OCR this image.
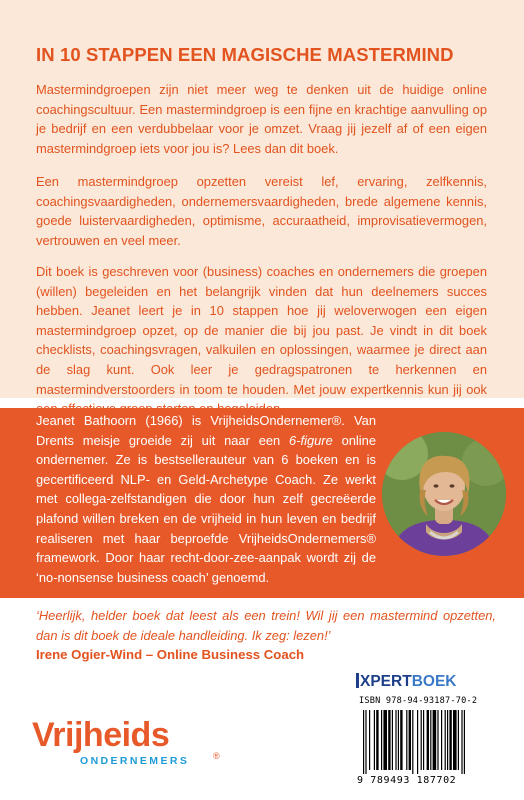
IN 10 STAPPEN EEN MAGISCHE MASTERMIND

Mastermindgroepen zijn niet meer weg te denken uit de huidige online coachingscultuur. Een mastermindgroep is een fijne en krachtige aanvulling op je bedrijf en een verdubbelaar voor je omzet. Vraag jij jezelf af of een eigen mastermindgroep iets voor jou is? Lees dan dit boek.

Een mastermindgroep opzetten vereist lef, ervaring, zelfkennis, coachingsvaardigheden, ondernemersvaardigheden, brede algemene kennis, goede luistervaardigheden, optimisme, accuraatheid, improvisatievermogen, vertrouwen en veel meer.

Dit boek is geschreven voor (business) coaches en ondernemers die groepen (willen) begeleiden en het belangrijk vinden dat hun deelnemers succes hebben. Jeanet leert je in 10 stappen hoe jij weloverwogen een eigen mastermindgroep opzet, op de manier die bij jou past. Je vindt in dit boek checklists, coachingsvragen, valkuilen en oplossingen, waarmee je direct aan de slag kunt. Ook leer je gedragspatronen te herkennen en mastermindverstoorders in toom te houden. Met jouw expertkennis kun jij ook

Jeanet Bathoorn (1966) is VrijheidsOndernemer®. Van Drents meisje groeide zij uit naar een 6-figure online ondernemer. Ze is bestsellerauteur van 6 boeken en is gecertificeerd NLP- en Geld-Archetype Coach. Ze werkt met collega-zelfstandigen die door hun zelf gecreëerde plafond willen breken en de vrijheid in hun leven en bedrijf realiseren met haar beproefde VrijheidsOndernemers® framework. Door haar recht-door-zee-aanpak wordt zij de ‘no-nonsense business coach’ genoemd.

‘Heerlijk, helder boek dat leest als een trein! Wil jij een mastermind opzetten, dan is dit boek de ideale handleiding. Ik zeg: lezen!’

Irene Ogier-Wind – Online Business Coach
Vrijheids
®
ONDERNEMERS
XPERTBOEK
ISBN 978-94-93187-70-2
9 789493 187702
